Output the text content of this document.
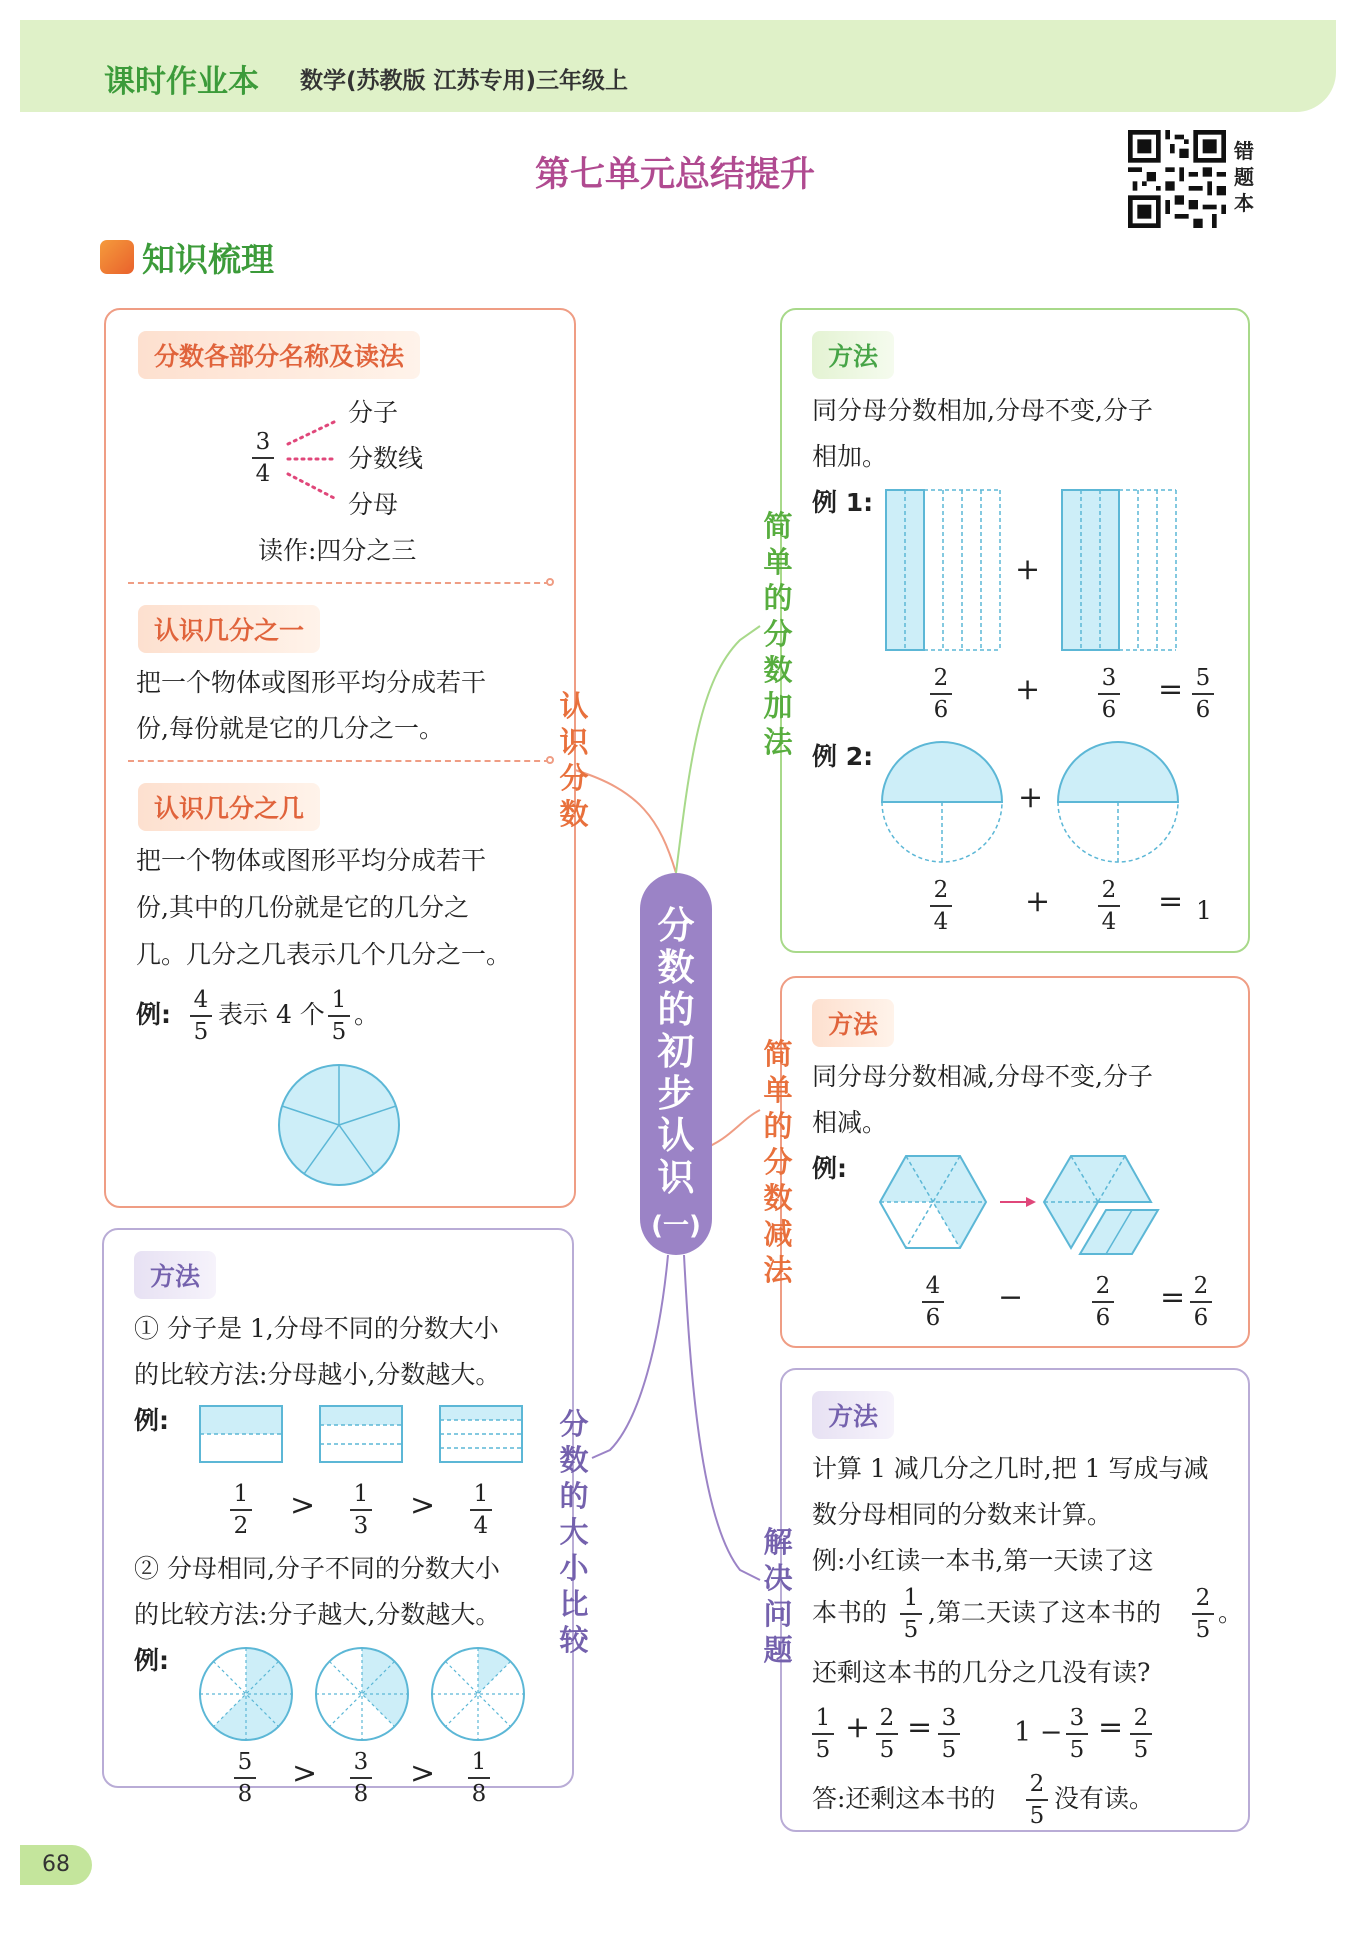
课时作业本 数学(苏教版 江苏专用)三年级上
第七单元总结提升
错题本
知识梳理
分数各部分名称及读法
3
4
分子
分数线
分母
读作:四分之三
认识几分之一
把一个物体或图形平均分成若干
份,每份就是它的几分之一。
认识几分之几
把一个物体或图形平均分成若干
份,其中的几份就是它的几分之
几。几分之几表示几个几分之一。
例: 4
5
表示 4 个 1
5
。
认识分数
分数的初步认识
(一)
方法
同分母分数相加,分母不变,分子
相加。
例 1:
+
2
6
+	3
6
= 5
6
例 2:
+
2
4
+ 2
4
= 1
简单的分数加法
方法
同分母分数相减,分母不变,分子
相减。
例:
4
6
−	2
6
= 2
6
简单的分数减法
方法
① 分子是 1,分母不同的分数大小
的比较方法:分母越小,分数越大。
例:
1
2
> 1
3
> 1
4
② 分母相同,分子不同的分数大小
的比较方法:分子越大,分数越大。
例:
5
8
> 3
8
> 1
8
分数的大小比较
方法
计算 1 减几分之几时,把 1 写成与减
数分母相同的分数来计算。
例:小红读一本书,第一天读了这
本书的 1
5
,第二天读了这本书的 2
5
。
还剩这本书的几分之几没有读?
1
5
+ 2
5
= 3
5
1 − 3
5
= 2
5
答:还剩这本书的 2
5
没有读。
解决问题
68
